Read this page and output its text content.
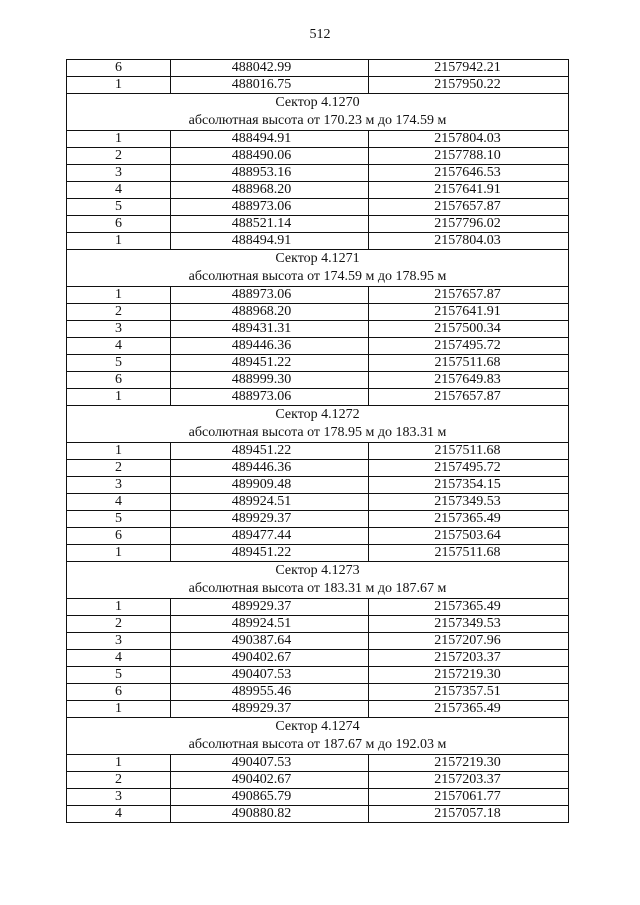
512
6	488042.99	2157942.21
1	488016.75	2157950.22
Сектор 4.1270		
абсолютная высота от 170.23 м до 174.59 м		
1	488494.91	2157804.03
2	488490.06	2157788.10
3	488953.16	2157646.53
4	488968.20	2157641.91
5	488973.06	2157657.87
6	488521.14	2157796.02
1	488494.91	2157804.03
Сектор 4.1271		
абсолютная высота от 174.59 м до 178.95 м		
1	488973.06	2157657.87
2	488968.20	2157641.91
3	489431.31	2157500.34
4	489446.36	2157495.72
5	489451.22	2157511.68
6	488999.30	2157649.83
1	488973.06	2157657.87
Сектор 4.1272		
абсолютная высота от 178.95 м до 183.31 м		
1	489451.22	2157511.68
2	489446.36	2157495.72
3	489909.48	2157354.15
4	489924.51	2157349.53
5	489929.37	2157365.49
6	489477.44	2157503.64
1	489451.22	2157511.68
Сектор 4.1273		
абсолютная высота от 183.31 м до 187.67 м		
1	489929.37	2157365.49
2	489924.51	2157349.53
3	490387.64	2157207.96
4	490402.67	2157203.37
5	490407.53	2157219.30
6	489955.46	2157357.51
1	489929.37	2157365.49
Сектор 4.1274		
абсолютная высота от 187.67 м до 192.03 м		
1	490407.53	2157219.30
2	490402.67	2157203.37
3	490865.79	2157061.77
4	490880.82	2157057.18
